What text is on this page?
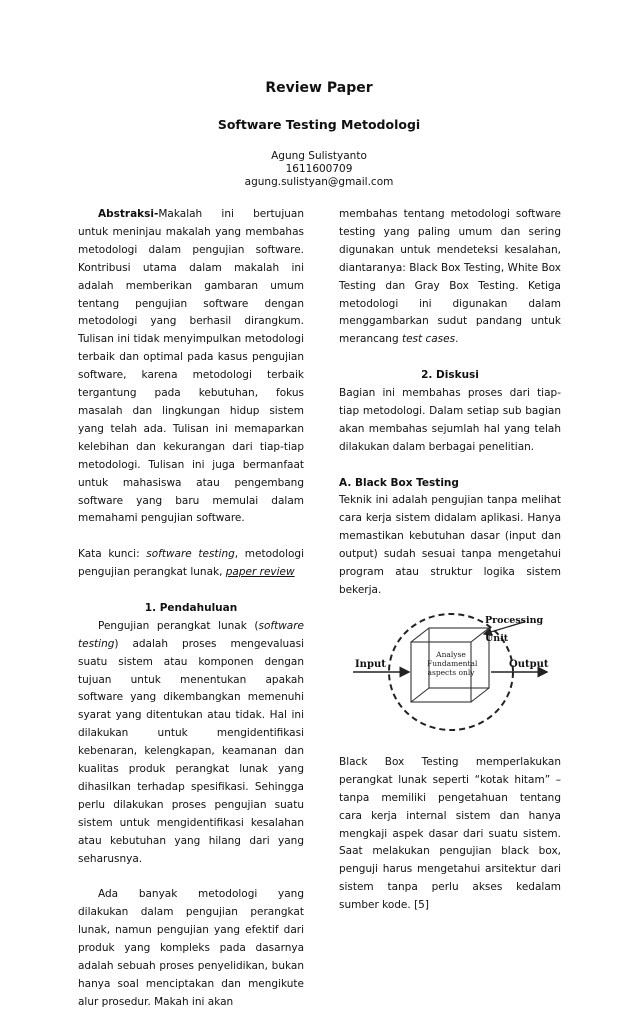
Review Paper
Software Testing Metodologi
Agung Sulistyanto
1611600709
agung.sulistyan@gmail.com

Abstraksi-Makalah ini bertujuan untuk meninjau makalah yang membahas metodologi dalam pengujian software. Kontribusi utama dalam makalah ini adalah memberikan gambaran umum tentang pengujian software dengan metodologi yang berhasil dirangkum. Tulisan ini tidak menyimpulkan metodologi terbaik dan optimal pada kasus pengujian software, karena metodologi terbaik tergantung pada kebutuhan, fokus masalah dan lingkungan hidup sistem yang telah ada. Tulisan ini memaparkan kelebihan dan kekurangan dari tiap-tiap metodologi. Tulisan ini juga bermanfaat untuk mahasiswa atau pengembang software yang baru memulai dalam memahami pengujian software.

Kata kunci: software testing, metodologi pengujian perangkat lunak, paper review

1. Pendahuluan

Pengujian perangkat lunak (software testing) adalah proses mengevaluasi suatu sistem atau komponen dengan tujuan untuk menentukan apakah software yang dikembangkan memenuhi syarat yang ditentukan atau tidak. Hal ini dilakukan untuk mengidentifikasi kebenaran, kelengkapan, keamanan dan kualitas produk perangkat lunak yang dihasilkan terhadap spesifikasi. Sehingga perlu dilakukan proses pengujian suatu sistem untuk mengidentifikasi kesalahan atau kebutuhan yang hilang dari yang seharusnya.

Ada banyak metodologi yang dilakukan dalam pengujian perangkat lunak, namun pengujian yang efektif dari produk yang kompleks pada dasarnya adalah sebuah proses penyelidikan, bukan hanya soal menciptakan dan mengikute alur prosedur. Makah ini akan

membahas tentang metodologi software testing yang paling umum dan sering digunakan untuk mendeteksi kesalahan, diantaranya: Black Box Testing, White Box Testing dan Gray Box Testing. Ketiga metodologi ini digunakan dalam menggambarkan sudut pandang untuk merancang test cases.

2. Diskusi

Bagian ini membahas proses dari tiap-tiap metodologi. Dalam setiap sub bagian akan membahas sejumlah hal yang telah dilakukan dalam berbagai penelitian.

A. Black Box Testing

Teknik ini adalah pengujian tanpa melihat cara kerja sistem didalam aplikasi. Hanya memastikan kebutuhan dasar (input dan output) sudah sesuai tanpa mengetahui program atau struktur logika sistem bekerja.

Input	Output
Processing Unit
Analyse Fundamental aspects only

Black Box Testing memperlakukan perangkat lunak seperti “kotak hitam” – tanpa memiliki pengetahuan tentang cara kerja internal sistem dan hanya mengkaji aspek dasar dari suatu sistem. Saat melakukan pengujian black box, penguji harus mengetahui arsitektur dari sistem tanpa perlu akses kedalam sumber kode. [5]
